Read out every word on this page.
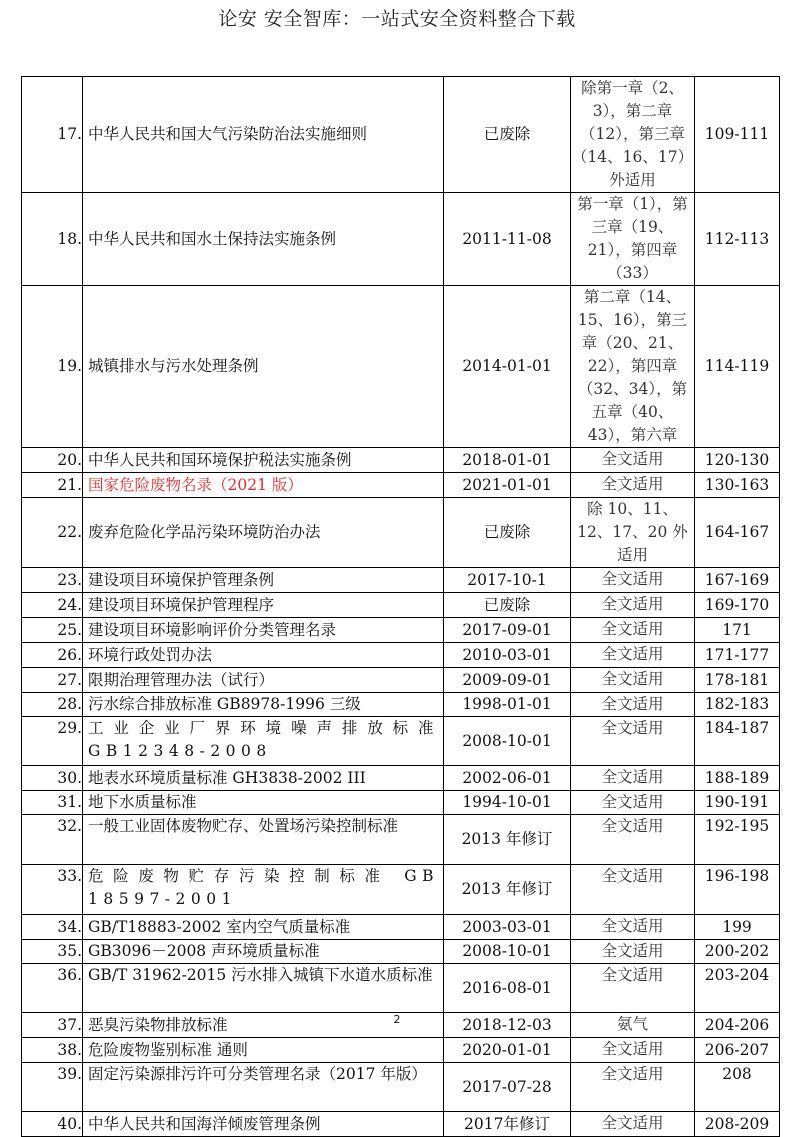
论安 安全智库：一站式安全资料整合下载
17.	中华人民共和国大气污染防治法实施细则	已废除	除第一章（2、3），第二章（12），第三章（14、16、17）外适用	109-111
18.	中华人民共和国水土保持法实施条例	2011-11-08	第一章（1），第三章（19、21），第四章（33）	112-113
19.	城镇排水与污水处理条例	2014-01-01	第二章（14、15、16），第三章（20、21、22），第四章（32、34），第五章（40、43），第六章	114-119
20.	中华人民共和国环境保护税法实施条例	2018-01-01	全文适用	120-130
21.	国家危险废物名录（2021 版）	2021-01-01	全文适用	130-163
22.	废弃危险化学品污染环境防治办法	已废除	除 10、11、12、17、20 外适用	164-167
23.	建设项目环境保护管理条例	2017-10-1	全文适用	167-169
24.	建设项目环境保护管理程序	已废除	全文适用	169-170
25.	建设项目环境影响评价分类管理名录	2017-09-01	全文适用	171
26.	环境行政处罚办法	2010-03-01	全文适用	171-177
27.	限期治理管理办法（试行）	2009-09-01	全文适用	178-181
28.	污水综合排放标准 GB8978-1996 三级	1998-01-01	全文适用	182-183
29.	工业企业厂界环境噪声排放标准 GB12348-2008	2008-10-01	全文适用	184-187
30.	地表水环境质量标准 GH3838-2002 III	2002-06-01	全文适用	188-189
31.	地下水质量标准	1994-10-01	全文适用	190-191
32.	一般工业固体废物贮存、处置场污染控制标准	2013 年修订	全文适用	192-195
33.	危险废物贮存污染控制标准 GB 18597-2001	2013 年修订	全文适用	196-198
34.	GB/T18883-2002 室内空气质量标准	2003-03-01	全文适用	199
35.	GB3096－2008 声环境质量标准	2008-10-01	全文适用	200-202
36.	GB/T 31962-2015 污水排入城镇下水道水质标准	2016-08-01	全文适用	203-204
37.	恶臭污染物排放标准	2018-12-03	氨气	204-206
38.	危险废物鉴别标准 通则	2020-01-01	全文适用	206-207
39.	固定污染源排污许可分类管理名录（2017 年版）	2017-07-28	全文适用	208
40.	中华人民共和国海洋倾废管理条例	2017年修订	全文适用	208-209
2
